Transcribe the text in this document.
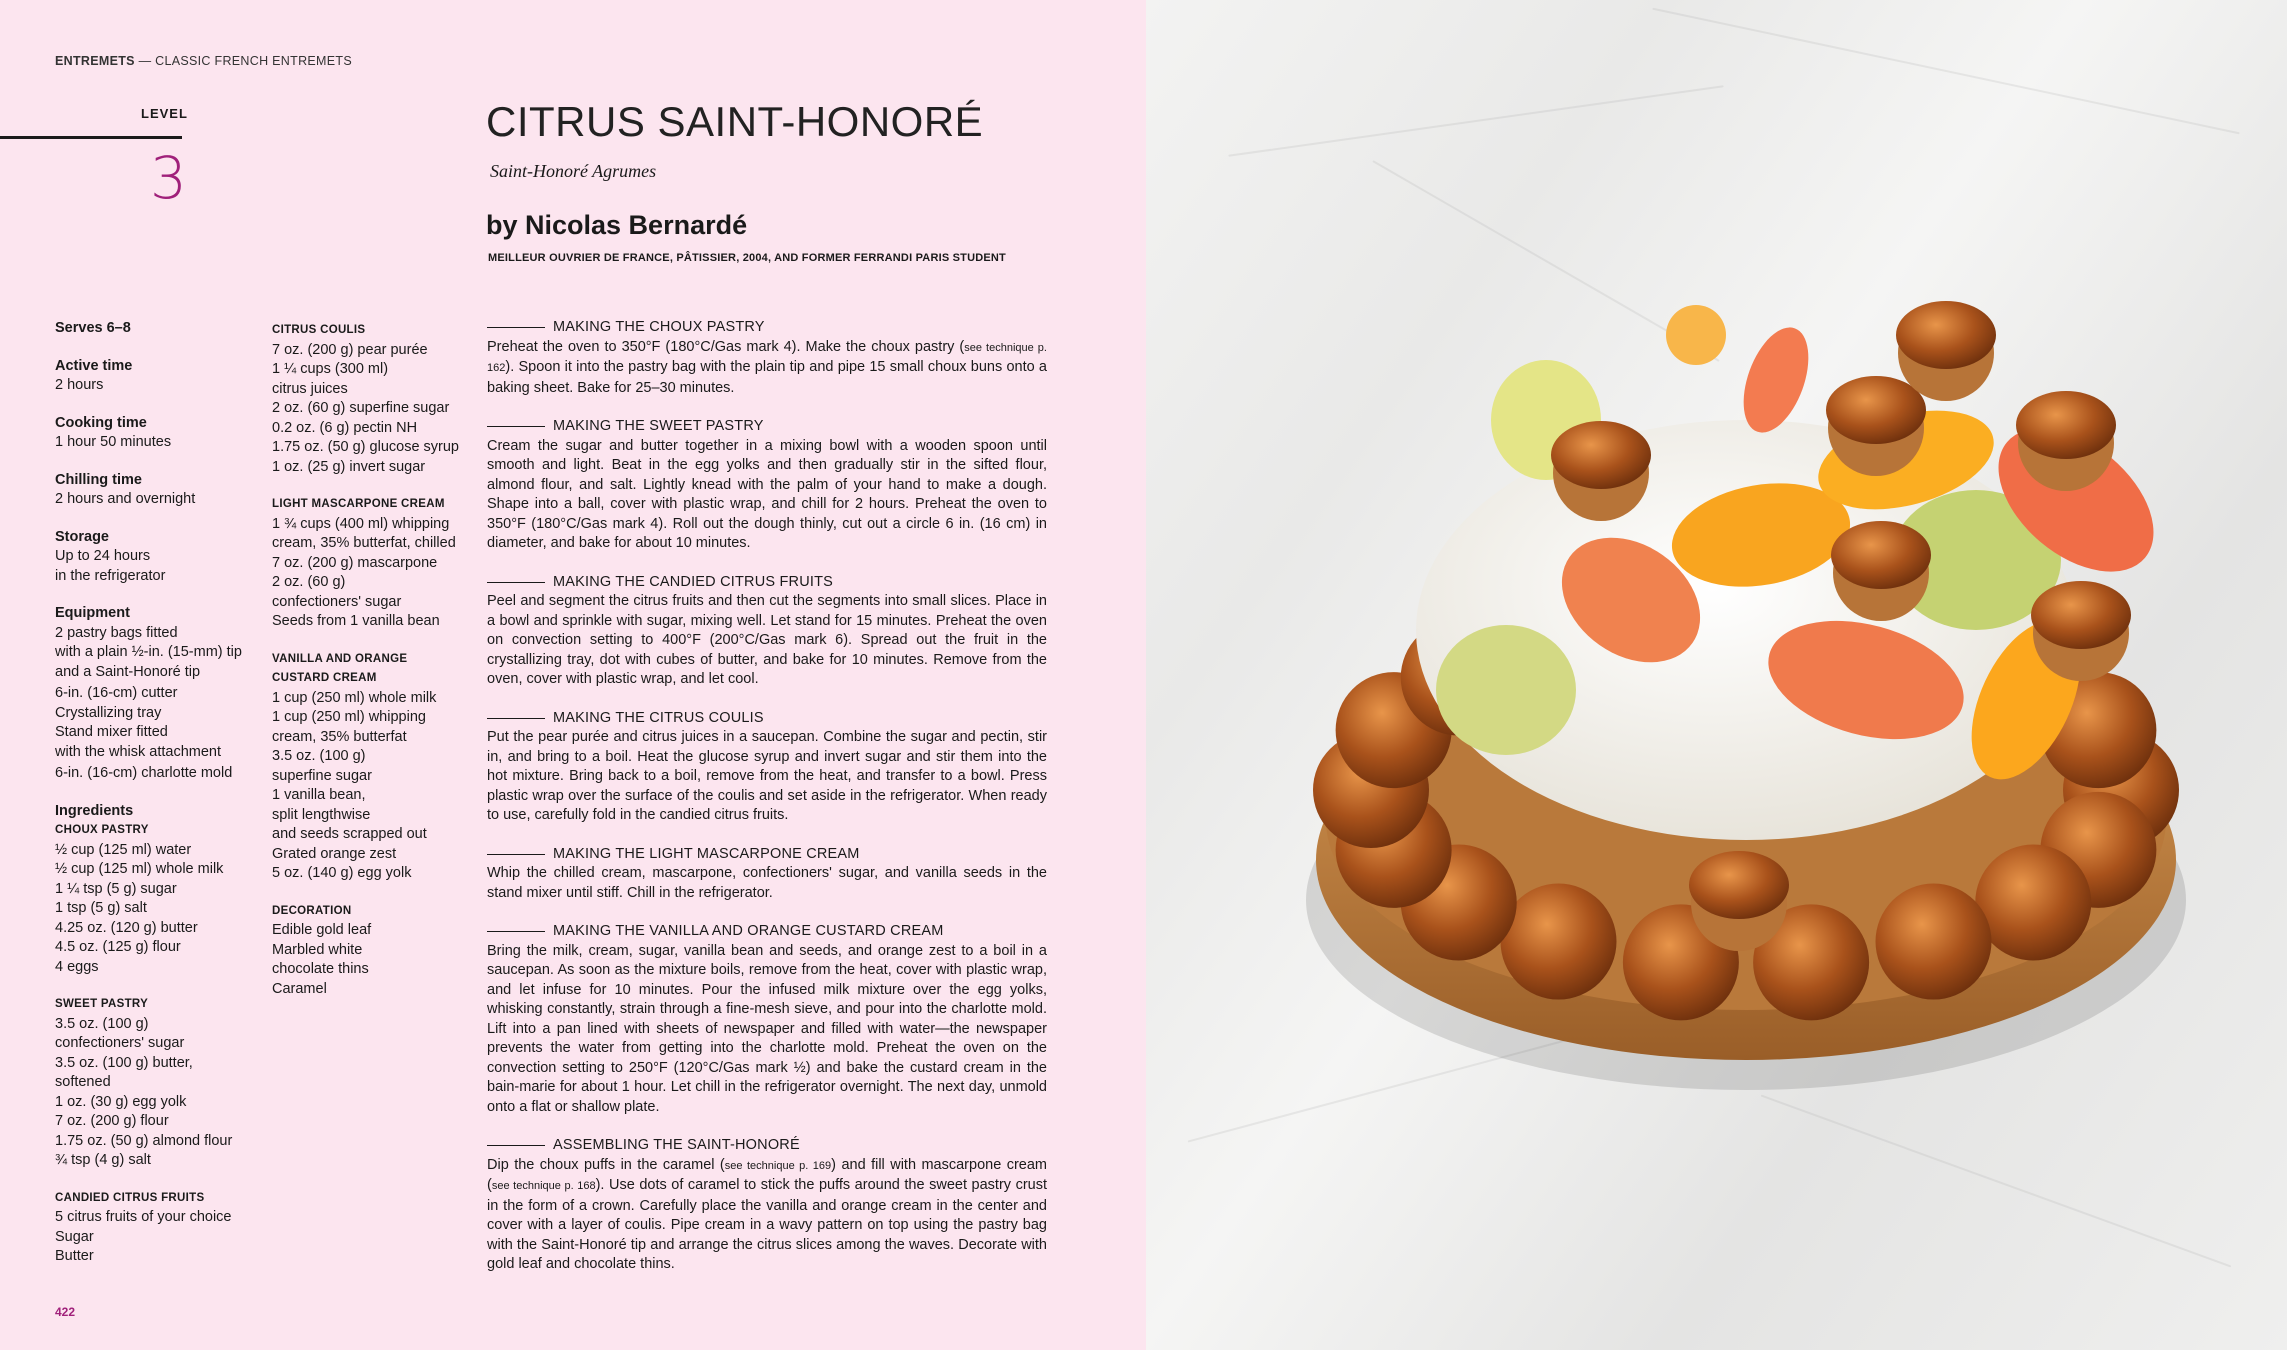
ENTREMETS — CLASSIC FRENCH ENTREMETS
LEVEL
3
CITRUS SAINT-HONORÉ
Saint-Honoré Agrumes
by Nicolas Bernardé
MEILLEUR OUVRIER DE FRANCE, PÂTISSIER, 2004, AND FORMER FERRANDI PARIS STUDENT

Serves 6–8

Active time

2 hours

Cooking time

1 hour 50 minutes

Chilling time

2 hours and overnight

Storage

Up to 24 hours

in the refrigerator

Equipment

2 pastry bags fitted

with a plain ½-in. (15-mm) tip

and a Saint-Honoré tip

6-in. (16-cm) cutter

Crystallizing tray

Stand mixer fitted

with the whisk attachment

6-in. (16-cm) charlotte mold

Ingredients

CHOUX PASTRY

½ cup (125 ml) water

½ cup (125 ml) whole milk

1 ¼ tsp (5 g) sugar

1 tsp (5 g) salt

4.25 oz. (120 g) butter

4.5 oz. (125 g) flour

4 eggs

SWEET PASTRY

3.5 oz. (100 g)

confectioners' sugar

3.5 oz. (100 g) butter,

softened

1 oz. (30 g) egg yolk

7 oz. (200 g) flour

1.75 oz. (50 g) almond flour

¾ tsp (4 g) salt

CANDIED CITRUS FRUITS

5 citrus fruits of your choice

Sugar

Butter

CITRUS COULIS

7 oz. (200 g) pear purée

1 ¼ cups (300 ml)

citrus juices

2 oz. (60 g) superfine sugar

0.2 oz. (6 g) pectin NH

1.75 oz. (50 g) glucose syrup

1 oz. (25 g) invert sugar

LIGHT MASCARPONE CREAM

1 ¾ cups (400 ml) whipping

cream, 35% butterfat, chilled

7 oz. (200 g) mascarpone

2 oz. (60 g)

confectioners' sugar

Seeds from 1 vanilla bean

VANILLA AND ORANGE

CUSTARD CREAM

1 cup (250 ml) whole milk

1 cup (250 ml) whipping

cream, 35% butterfat

3.5 oz. (100 g)

superfine sugar

1 vanilla bean,

split lengthwise

and seeds scrapped out

Grated orange zest

5 oz. (140 g) egg yolk

DECORATION

Edible gold leaf

Marbled white

chocolate thins

Caramel

MAKING THE CHOUX PASTRY

Preheat the oven to 350°F (180°C/Gas mark 4). Make the choux pastry (see technique p. 162). Spoon it into the pastry bag with the plain tip and pipe 15 small choux buns onto a baking sheet. Bake for 25–30 minutes.

MAKING THE SWEET PASTRY

Cream the sugar and butter together in a mixing bowl with a wooden spoon until smooth and light. Beat in the egg yolks and then gradually stir in the sifted flour, almond flour, and salt. Lightly knead with the palm of your hand to make a dough. Shape into a ball, cover with plastic wrap, and chill for 2 hours. Preheat the oven to 350°F (180°C/Gas mark 4). Roll out the dough thinly, cut out a circle 6 in. (16 cm) in diameter, and bake for about 10 minutes.

MAKING THE CANDIED CITRUS FRUITS

Peel and segment the citrus fruits and then cut the segments into small slices. Place in a bowl and sprinkle with sugar, mixing well. Let stand for 15 minutes. Preheat the oven on convection setting to 400°F (200°C/Gas mark 6). Spread out the fruit in the crystallizing tray, dot with cubes of butter, and bake for 10 minutes. Remove from the oven, cover with plastic wrap, and let cool.

MAKING THE CITRUS COULIS

Put the pear purée and citrus juices in a saucepan. Combine the sugar and pectin, stir in, and bring to a boil. Heat the glucose syrup and invert sugar and stir them into the hot mixture. Bring back to a boil, remove from the heat, and transfer to a bowl. Press plastic wrap over the surface of the coulis and set aside in the refrigerator. When ready to use, carefully fold in the candied citrus fruits.

MAKING THE LIGHT MASCARPONE CREAM

Whip the chilled cream, mascarpone, confectioners' sugar, and vanilla seeds in the stand mixer until stiff. Chill in the refrigerator.

MAKING THE VANILLA AND ORANGE CUSTARD CREAM

Bring the milk, cream, sugar, vanilla bean and seeds, and orange zest to a boil in a saucepan. As soon as the mixture boils, remove from the heat, cover with plastic wrap, and let infuse for 10 minutes. Pour the infused milk mixture over the egg yolks, whisking constantly, strain through a fine-mesh sieve, and pour into the charlotte mold. Lift into a pan lined with sheets of newspaper and filled with water—the newspaper prevents the water from getting into the charlotte mold. Preheat the oven on the convection setting to 250°F (120°C/Gas mark ½) and bake the custard cream in the bain-marie for about 1 hour. Let chill in the refrigerator overnight. The next day, unmold onto a flat or shallow plate.

ASSEMBLING THE SAINT-HONORÉ

Dip the choux puffs in the caramel (see technique p. 169) and fill with mascarpone cream (see technique p. 168). Use dots of caramel to stick the puffs around the sweet pastry crust in the form of a crown. Carefully place the vanilla and orange cream in the center and cover with a layer of coulis. Pipe cream in a wavy pattern on top using the pastry bag with the Saint-Honoré tip and arrange the citrus slices among the waves. Decorate with gold leaf and chocolate thins.

422
